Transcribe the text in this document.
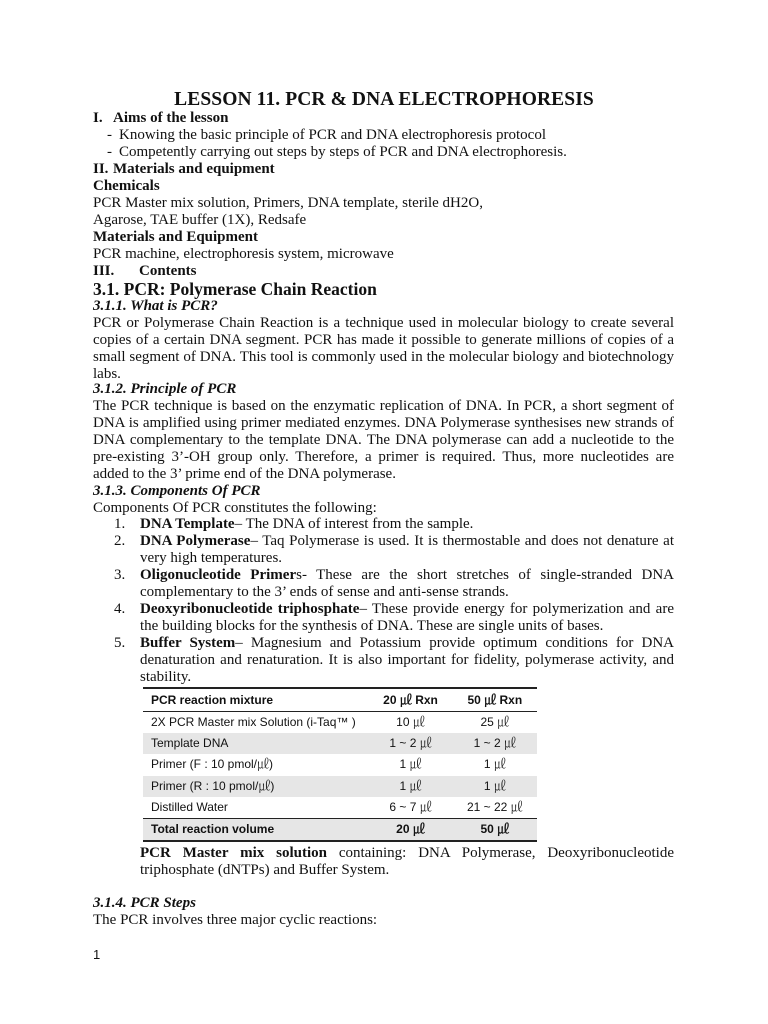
LESSON 11. PCR & DNA ELECTROPHORESIS
I. Aims of the lesson
- Knowing the basic principle of PCR and DNA electrophoresis protocol
- Competently carrying out steps by steps of PCR and DNA electrophoresis.
II. Materials and equipment
Chemicals
PCR Master mix solution, Primers, DNA template, sterile dH2O,
Agarose, TAE buffer (1X), Redsafe
Materials and Equipment
PCR machine, electrophoresis system, microwave
III. Contents
3.1. PCR: Polymerase Chain Reaction
3.1.1. What is PCR?
PCR or Polymerase Chain Reaction is a technique used in molecular biology to create several copies of a certain DNA segment. PCR has made it possible to generate millions of copies of a small segment of DNA. This tool is commonly used in the molecular biology and biotechnology labs.
3.1.2. Principle of PCR
The PCR technique is based on the enzymatic replication of DNA. In PCR, a short segment of DNA is amplified using primer mediated enzymes. DNA Polymerase synthesises new strands of DNA complementary to the template DNA. The DNA polymerase can add a nucleotide to the pre-existing 3’-OH group only. Therefore, a primer is required. Thus, more nucleotides are added to the 3’ prime end of the DNA polymerase.
3.1.3. Components Of PCR
Components Of PCR constitutes the following:
1. DNA Template– The DNA of interest from the sample.
2. DNA Polymerase– Taq Polymerase is used. It is thermostable and does not denature at very high temperatures.
3. Oligonucleotide Primers- These are the short stretches of single-stranded DNA complementary to the 3’ ends of sense and anti-sense strands.
4. Deoxyribonucleotide triphosphate– These provide energy for polymerization and are the building blocks for the synthesis of DNA. These are single units of bases.
5. Buffer System– Magnesium and Potassium provide optimum conditions for DNA denaturation and renaturation. It is also important for fidelity, polymerase activity, and stability.
PCR reaction mixture	20 ㎕ Rxn	50 ㎕ Rxn
2X PCR Master mix Solution (i-Taq™ )	10 ㎕	25 ㎕
Template DNA	1 ~ 2 ㎕	1 ~ 2 ㎕
Primer (F : 10 pmol/㎕)	1 ㎕	1 ㎕
Primer (R : 10 pmol/㎕)	1 ㎕	1 ㎕
Distilled Water	6 ~ 7 ㎕	21 ~ 22 ㎕
Total reaction volume	20 ㎕	50 ㎕
PCR Master mix solution containing: DNA Polymerase, Deoxyribonucleotide triphosphate (dNTPs) and Buffer System.
3.1.4. PCR Steps
The PCR involves three major cyclic reactions:
1
